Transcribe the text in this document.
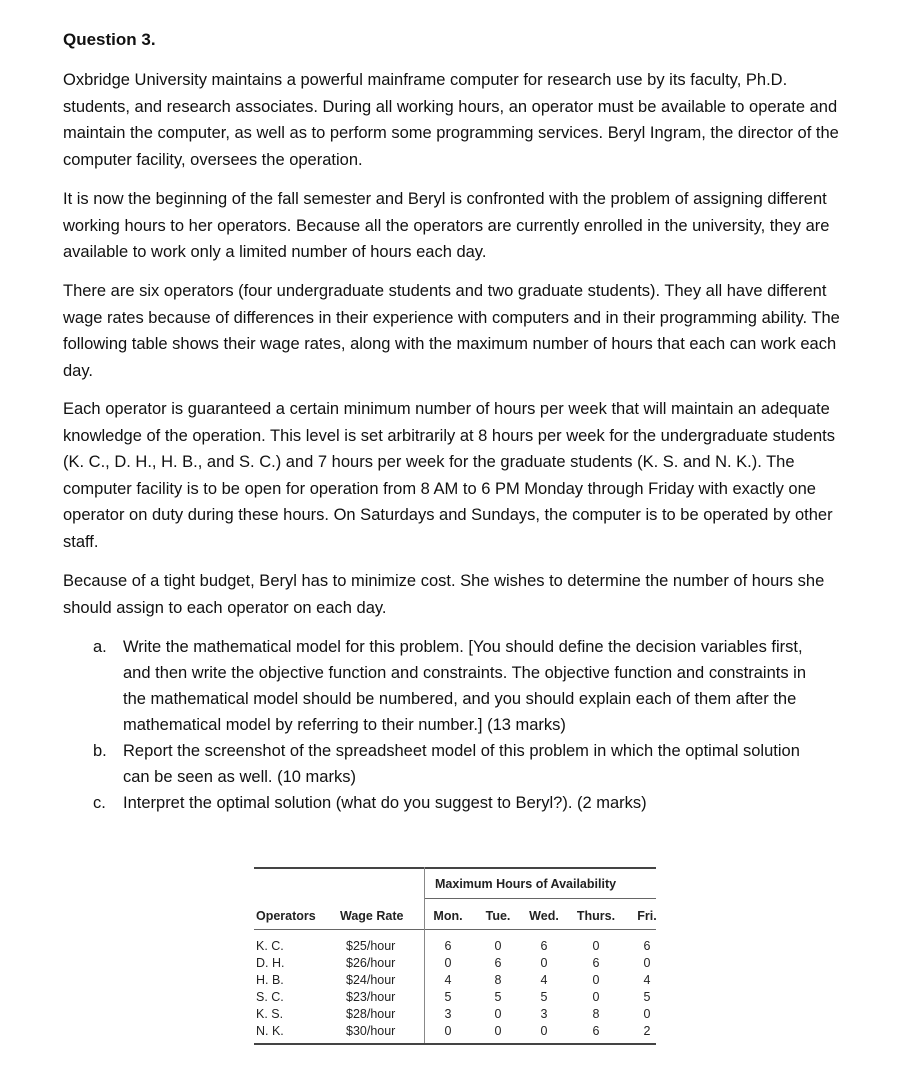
Question 3.

Oxbridge University maintains a powerful mainframe computer for research use by its faculty, Ph.D. students, and research associates. During all working hours, an operator must be available to operate and maintain the computer, as well as to perform some programming services. Beryl Ingram, the director of the computer facility, oversees the operation.

It is now the beginning of the fall semester and Beryl is confronted with the problem of assigning different working hours to her operators. Because all the operators are currently enrolled in the university, they are available to work only a limited number of hours each day.

There are six operators (four undergraduate students and two graduate students). They all have different wage rates because of differences in their experience with computers and in their programming ability. The following table shows their wage rates, along with the maximum number of hours that each can work each day.

Each operator is guaranteed a certain minimum number of hours per week that will maintain an adequate knowledge of the operation. This level is set arbitrarily at 8 hours per week for the undergraduate students (K. C., D. H., H. B., and S. C.) and 7 hours per week for the graduate students (K. S. and N. K.). The computer facility is to be open for operation from 8 AM to 6 PM Monday through Friday with exactly one operator on duty during these hours. On Saturdays and Sundays, the computer is to be operated by other staff.

Because of a tight budget, Beryl has to minimize cost. She wishes to determine the number of hours she should assign to each operator on each day.

a. Write the mathematical model for this problem. [You should define the decision variables first, and then write the objective function and constraints. The objective function and constraints in the mathematical model should be numbered, and you should explain each of them after the mathematical model by referring to their number.] (13 marks)
b. Report the screenshot of the spreadsheet model of this problem in which the optimal solution can be seen as well. (10 marks)
c. Interpret the optimal solution (what do you suggest to Beryl?). (2 marks)
Maximum Hours of Availability
Operators	Wage Rate	Mon.	Tue.	Wed.	Thurs.	Fri.
K. C.	$25/hour	6	0	6	0	6
D. H.	$26/hour	0	6	0	6	0
H. B.	$24/hour	4	8	4	0	4
S. C.	$23/hour	5	5	5	0	5
K. S.	$28/hour	3	0	3	8	0
N. K.	$30/hour	0	0	0	6	2
